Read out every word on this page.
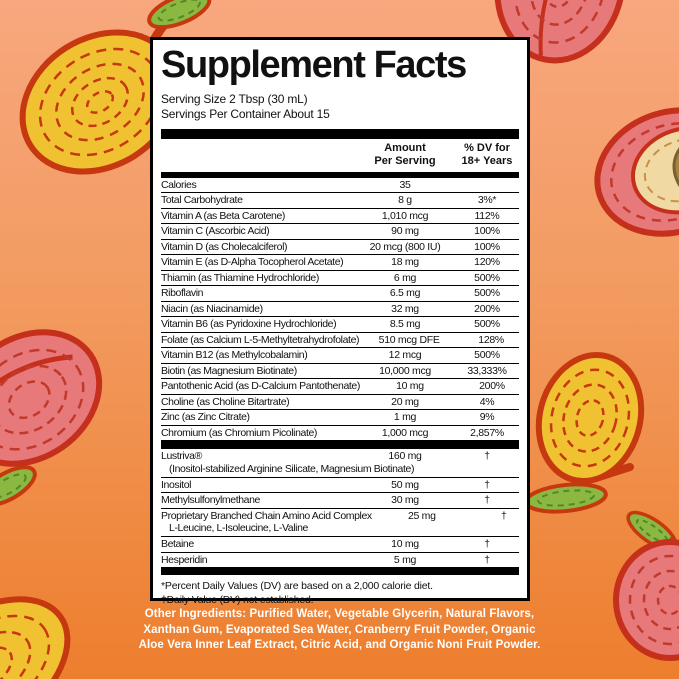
Supplement Facts
Serving Size 2 Tbsp (30 mL)
Servings Per Container About 15
Amount
Per Serving
% DV for
18+ Years
Calories	35
Total Carbohydrate	8 g	3%*
Vitamin A (as Beta Carotene)	1,010 mcg	112%
Vitamin C (Ascorbic Acid)	90 mg	100%
Vitamin D (as Cholecalciferol)	20 mcg (800 IU)	100%
Vitamin E (as D-Alpha Tocopherol Acetate)	18 mg	120%
Thiamin (as Thiamine Hydrochloride)	6 mg	500%
Riboflavin	6.5 mg	500%
Niacin (as Niacinamide)	32 mg	200%
Vitamin B6 (as Pyridoxine Hydrochloride)	8.5 mg	500%
Folate (as Calcium L-5-Methyltetrahydrofolate)	510 mcg DFE	128%
Vitamin B12 (as Methylcobalamin)	12 mcg	500%
Biotin (as Magnesium Biotinate)	10,000 mcg	33,333%
Pantothenic Acid (as D-Calcium Pantothenate)	10 mg	200%
Choline (as Choline Bitartrate)	20 mg	4%
Zinc (as Zinc Citrate)	1 mg	9%
Chromium (as Chromium Picolinate)	1,000 mcg	2,857%
Lustriva®	160 mg	†
(Inositol-stabilized Arginine Silicate, Magnesium Biotinate)
Inositol	50 mg	†
Methylsulfonylmethane	30 mg	†
Proprietary Branched Chain Amino Acid Complex	25 mg	†
L-Leucine, L-Isoleucine, L-Valine
Betaine	10 mg	†
Hesperidin	5 mg	†
*Percent Daily Values (DV) are based on a 2,000 calorie diet.
†Daily Value (DV) not established.
Other Ingredients: Purified Water, Vegetable Glycerin, Natural Flavors,
Xanthan Gum, Evaporated Sea Water, Cranberry Fruit Powder, Organic
Aloe Vera Inner Leaf Extract, Citric Acid, and Organic Noni Fruit Powder.
